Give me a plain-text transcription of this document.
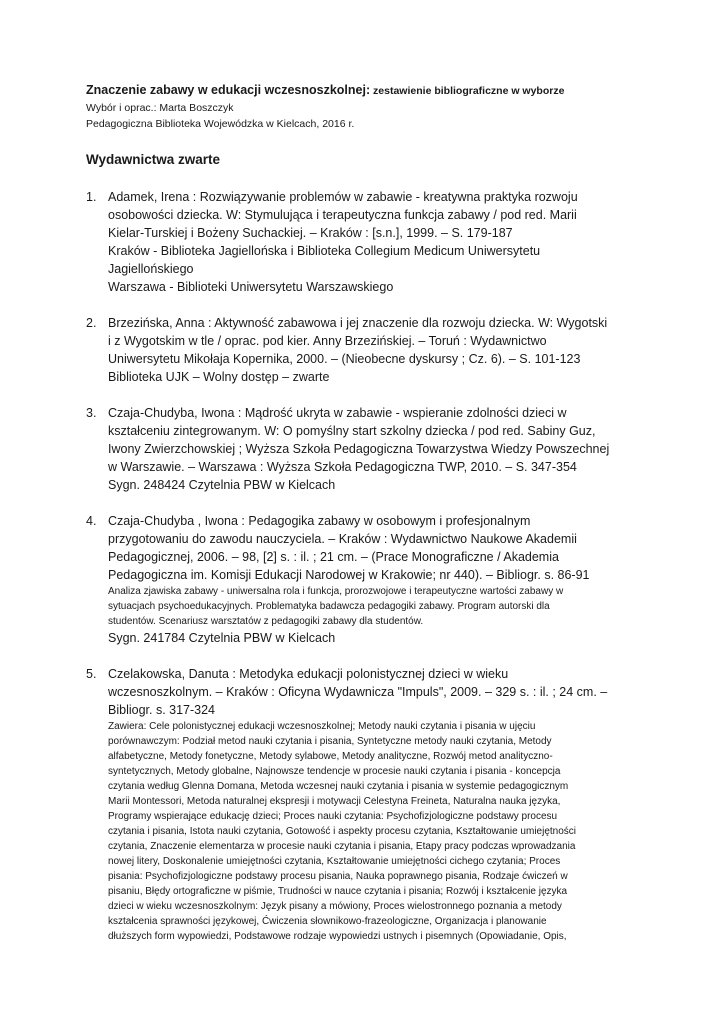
Znaczenie zabawy w edukacji wczesnoszkolnej: zestawienie bibliograficzne w wyborze
Wybór i oprac.: Marta Boszczyk
Pedagogiczna Biblioteka Wojewódzka w Kielcach, 2016 r.
Wydawnictwa zwarte
1. Adamek, Irena : Rozwiązywanie problemów w zabawie - kreatywna praktyka rozwoju

osobowości dziecka. W: Stymulująca i terapeutyczna funkcja zabawy / pod red. Marii

Kielar-Turskiej i Bożeny Suchackiej. – Kraków : [s.n.], 1999. – S. 179-187

Kraków - Biblioteka Jagiellońska i Biblioteka Collegium Medicum Uniwersytetu

Jagiellońskiego

Warszawa - Biblioteki Uniwersytetu Warszawskiego

2. Brzezińska, Anna : Aktywność zabawowa i jej znaczenie dla rozwoju dziecka. W: Wygotski

i z Wygotskim w tle / oprac. pod kier. Anny Brzezińskiej. – Toruń : Wydawnictwo

Uniwersytetu Mikołaja Kopernika, 2000. – (Nieobecne dyskursy ; Cz. 6). – S. 101-123

Biblioteka UJK – Wolny dostęp – zwarte

3. Czaja-Chudyba, Iwona : Mądrość ukryta w zabawie - wspieranie zdolności dzieci w

kształceniu zintegrowanym. W: O pomyślny start szkolny dziecka / pod red. Sabiny Guz,

Iwony Zwierzchowskiej ; Wyższa Szkoła Pedagogiczna Towarzystwa Wiedzy Powszechnej

w Warszawie. – Warszawa : Wyższa Szkoła Pedagogiczna TWP, 2010. – S. 347-354

Sygn. 248424 Czytelnia PBW w Kielcach

4. Czaja-Chudyba , Iwona : Pedagogika zabawy w osobowym i profesjonalnym

przygotowaniu do zawodu nauczyciela. – Kraków : Wydawnictwo Naukowe Akademii

Pedagogicznej, 2006. – 98, [2] s. : il. ; 21 cm. – (Prace Monograficzne / Akademia

Pedagogiczna im. Komisji Edukacji Narodowej w Krakowie; nr 440). – Bibliogr. s. 86-91

Analiza zjawiska zabawy - uniwersalna rola i funkcja, prorozwojowe i terapeutyczne wartości zabawy w

sytuacjach psychoedukacyjnych. Problematyka badawcza pedagogiki zabawy. Program autorski dla

studentów. Scenariusz warsztatów z pedagogiki zabawy dla studentów.

Sygn. 241784 Czytelnia PBW w Kielcach

5. Czelakowska, Danuta : Metodyka edukacji polonistycznej dzieci w wieku

wczesnoszkolnym. – Kraków : Oficyna Wydawnicza "Impuls", 2009. – 329 s. : il. ; 24 cm. –

Bibliogr. s. 317-324

Zawiera: Cele polonistycznej edukacji wczesnoszkolnej; Metody nauki czytania i pisania w ujęciu

porównawczym: Podział metod nauki czytania i pisania, Syntetyczne metody nauki czytania, Metody

alfabetyczne, Metody fonetyczne, Metody sylabowe, Metody analityczne, Rozwój metod analityczno-

syntetycznych, Metody globalne, Najnowsze tendencje w procesie nauki czytania i pisania - koncepcja

czytania według Glenna Domana, Metoda wczesnej nauki czytania i pisania w systemie pedagogicznym

Marii Montessori, Metoda naturalnej ekspresji i motywacji Celestyna Freineta, Naturalna nauka języka,

Programy wspierające edukację dzieci; Proces nauki czytania: Psychofizjologiczne podstawy procesu

czytania i pisania, Istota nauki czytania, Gotowość i aspekty procesu czytania, Kształtowanie umiejętności

czytania, Znaczenie elementarza w procesie nauki czytania i pisania, Etapy pracy podczas wprowadzania

nowej litery, Doskonalenie umiejętności czytania, Kształtowanie umiejętności cichego czytania; Proces

pisania: Psychofizjologiczne podstawy procesu pisania, Nauka poprawnego pisania, Rodzaje ćwiczeń w

pisaniu, Błędy ortograficzne w piśmie, Trudności w nauce czytania i pisania; Rozwój i kształcenie języka

dzieci w wieku wczesnoszkolnym: Język pisany a mówiony, Proces wielostronnego poznania a metody

kształcenia sprawności językowej, Ćwiczenia słownikowo-frazeologiczne, Organizacja i planowanie

dłuższych form wypowiedzi, Podstawowe rodzaje wypowiedzi ustnych i pisemnych (Opowiadanie, Opis,
